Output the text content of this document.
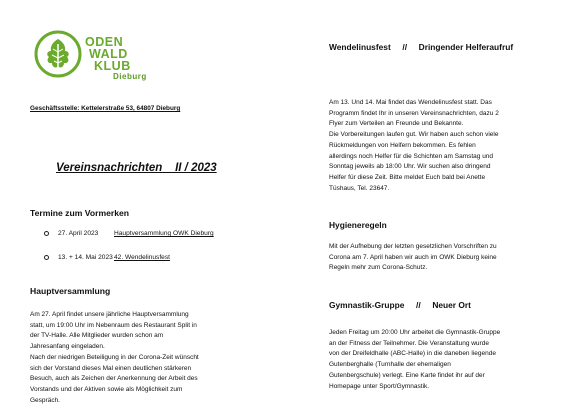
ODEN
WALD
KLUB
Dieburg
Geschäftsstelle: Kettelerstraße 53, 64807 Dieburg
Vereinsnachrichten    II / 2023
Termine zum Vormerken
27. April 2023 Hauptversammlung OWK Dieburg
13. + 14. Mai 202342. Wendelinusfest
Hauptversammlung
Am 27. April findet unsere jährliche Hauptversammlung
statt, um 19:00 Uhr im Nebenraum des Restaurant Split in
der TV-Halle. Alle Mitglieder wurden schon am
Jahresanfang eingeladen.
Nach der niedrigen Beteiligung in der Corona-Zeit wünscht
sich der Vorstand dieses Mal einen deutlichen stärkeren
Besuch, auch als Zeichen der Anerkennung der Arbeit des
Vorstands und der Aktiven sowie als Möglichkeit zum
Gespräch.
Wendelinusfest     //     Dringender Helferaufruf
Am 13. Und 14. Mai findet das Wendelinusfest statt. Das
Programm findet Ihr in unseren Vereinsnachrichten, dazu 2
Flyer zum Verteilen an Freunde und Bekannte.
Die Vorbereitungen laufen gut. Wir haben auch schon viele
Rückmeldungen von Helfern bekommen. Es fehlen
allerdings noch Helfer für die Schichten am Samstag und
Sonntag jeweils ab 18:00 Uhr. Wir suchen also dringend
Helfer für diese Zeit. Bitte meldet Euch bald bei Anette
Tüshaus, Tel. 23647.
Hygieneregeln
Mit der Aufhebung der letzten gesetzlichen Vorschriften zu
Corona am 7. April haben wir auch im OWK Dieburg keine
Regeln mehr zum Corona-Schutz.
Gymnastik-Gruppe     //     Neuer Ort
Jeden Freitag um 20:00 Uhr arbeitet die Gymnastik-Gruppe
an der Fitness der Teilnehmer. Die Veranstaltung wurde
von der Dreifeldhalle (ABC-Halle) in die daneben liegende
Gutenberghalle (Turnhalle der ehemaligen
Gutenbergschule) verlegt. Eine Karte findet ihr auf der
Homepage unter Sport/Gymnastik.
